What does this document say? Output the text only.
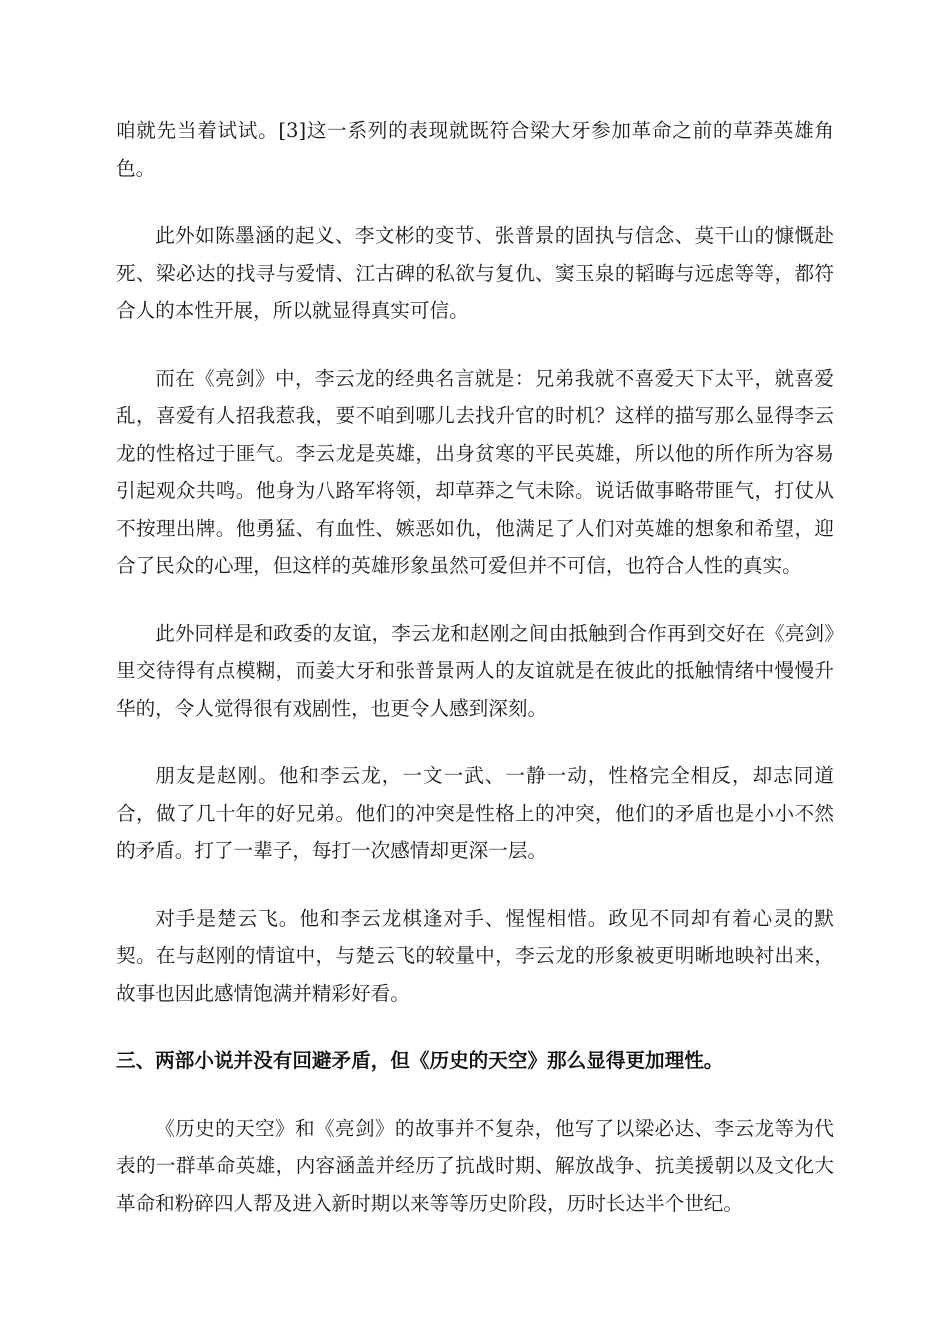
咱就先当着试试。[3]这一系列的表现就既符合梁大牙参加革命之前的草莽英雄角色。

此外如陈墨涵的起义、李文彬的变节、张普景的固执与信念、莫干山的慷慨赴死、梁必达的找寻与爱情、江古碑的私欲与复仇、窦玉泉的韬晦与远虑等等，都符合人的本性开展，所以就显得真实可信。

而在《亮剑》中，李云龙的经典名言就是：兄弟我就不喜爱天下太平，就喜爱乱，喜爱有人招我惹我，要不咱到哪儿去找升官的时机？这样的描写那么显得李云龙的性格过于匪气。李云龙是英雄，出身贫寒的平民英雄，所以他的所作所为容易引起观众共鸣。他身为八路军将领，却草莽之气未除。说话做事略带匪气，打仗从不按理出牌。他勇猛、有血性、嫉恶如仇，他满足了人们对英雄的想象和希望，迎合了民众的心理，但这样的英雄形象虽然可爱但并不可信，也符合人性的真实。

此外同样是和政委的友谊，李云龙和赵刚之间由抵触到合作再到交好在《亮剑》里交待得有点模糊，而姜大牙和张普景两人的友谊就是在彼此的抵触情绪中慢慢升华的，令人觉得很有戏剧性，也更令人感到深刻。

朋友是赵刚。他和李云龙，一文一武、一静一动，性格完全相反，却志同道合，做了几十年的好兄弟。他们的冲突是性格上的冲突，他们的矛盾也是小小不然的矛盾。打了一辈子，每打一次感情却更深一层。

对手是楚云飞。他和李云龙棋逢对手、惺惺相惜。政见不同却有着心灵的默契。在与赵刚的情谊中，与楚云飞的较量中，李云龙的形象被更明晰地映衬出来，故事也因此感情饱满并精彩好看。

三、两部小说并没有回避矛盾，但《历史的天空》那么显得更加理性。

《历史的天空》和《亮剑》的故事并不复杂，他写了以梁必达、李云龙等为代表的一群革命英雄，内容涵盖并经历了抗战时期、解放战争、抗美援朝以及文化大革命和粉碎四人帮及进入新时期以来等等历史阶段，历时长达半个世纪。
